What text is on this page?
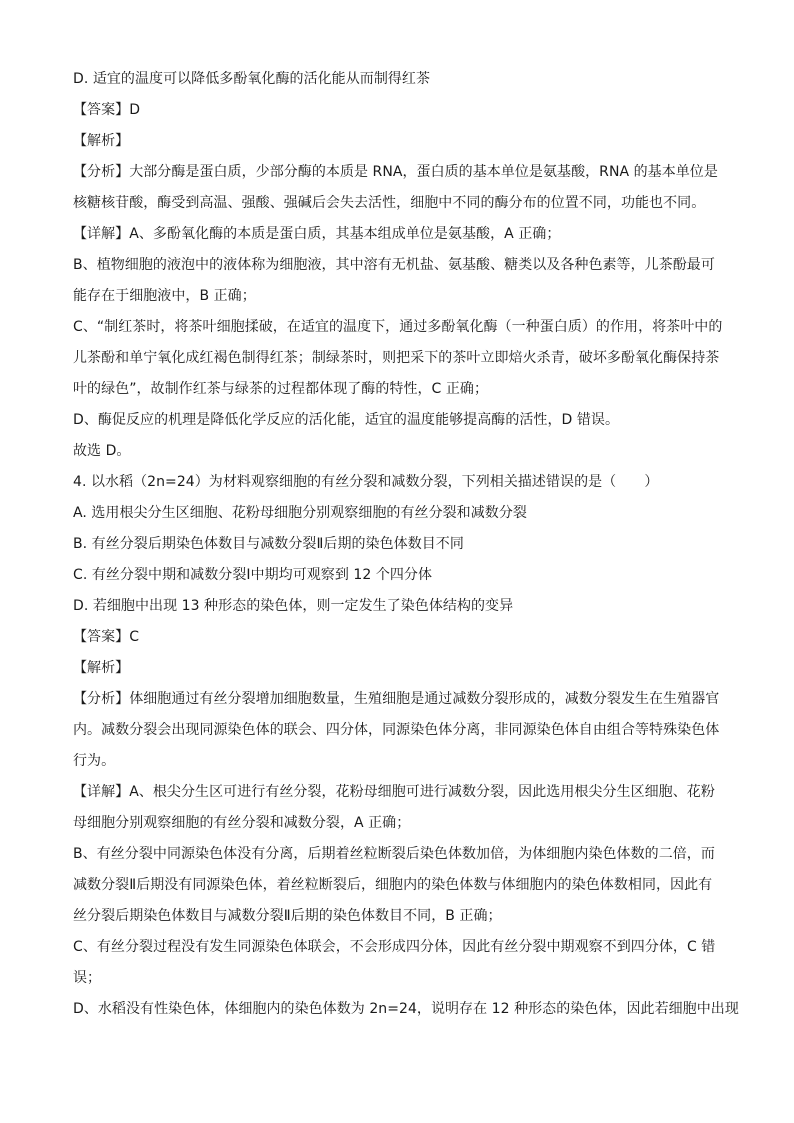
D. 适宜的温度可以降低多酚氧化酶的活化能从而制得红茶
【答案】D
【解析】
【分析】大部分酶是蛋白质，少部分酶的本质是 RNA，蛋白质的基本单位是氨基酸，RNA 的基本单位是
核糖核苷酸，酶受到高温、强酸、强碱后会失去活性，细胞中不同的酶分布的位置不同，功能也不同。
【详解】A、多酚氧化酶的本质是蛋白质，其基本组成单位是氨基酸，A 正确；
B、植物细胞的液泡中的液体称为细胞液，其中溶有无机盐、氨基酸、糖类以及各种色素等，儿茶酚最可
能存在于细胞液中，B 正确；
C、“制红茶时，将茶叶细胞揉破，在适宜的温度下，通过多酚氧化酶（一种蛋白质）的作用，将茶叶中的
儿茶酚和单宁氧化成红褐色制得红茶；制绿茶时，则把采下的茶叶立即焙火杀青，破坏多酚氧化酶保持茶
叶的绿色”，故制作红茶与绿茶的过程都体现了酶的特性，C 正确；
D、酶促反应的机理是降低化学反应的活化能，适宜的温度能够提高酶的活性，D 错误。
故选 D。
4. 以水稻（2n=24）为材料观察细胞的有丝分裂和减数分裂，下列相关描述错误的是（　　）
A. 选用根尖分生区细胞、花粉母细胞分别观察细胞的有丝分裂和减数分裂
B. 有丝分裂后期染色体数目与减数分裂Ⅱ后期的染色体数目不同
C. 有丝分裂中期和减数分裂Ⅰ中期均可观察到 12 个四分体
D. 若细胞中出现 13 种形态的染色体，则一定发生了染色体结构的变异
【答案】C
【解析】
【分析】体细胞通过有丝分裂增加细胞数量，生殖细胞是通过减数分裂形成的，减数分裂发生在生殖器官
内。减数分裂会出现同源染色体的联会、四分体，同源染色体分离，非同源染色体自由组合等特殊染色体
行为。
【详解】A、根尖分生区可进行有丝分裂，花粉母细胞可进行减数分裂，因此选用根尖分生区细胞、花粉
母细胞分别观察细胞的有丝分裂和减数分裂，A 正确；
B、有丝分裂中同源染色体没有分离，后期着丝粒断裂后染色体数加倍，为体细胞内染色体数的二倍，而
减数分裂Ⅱ后期没有同源染色体，着丝粒断裂后，细胞内的染色体数与体细胞内的染色体数相同，因此有
丝分裂后期染色体数目与减数分裂Ⅱ后期的染色体数目不同，B 正确；
C、有丝分裂过程没有发生同源染色体联会，不会形成四分体，因此有丝分裂中期观察不到四分体，C 错
误；
D、水稻没有性染色体，体细胞内的染色体数为 2n=24，说明存在 12 种形态的染色体，因此若细胞中出现
